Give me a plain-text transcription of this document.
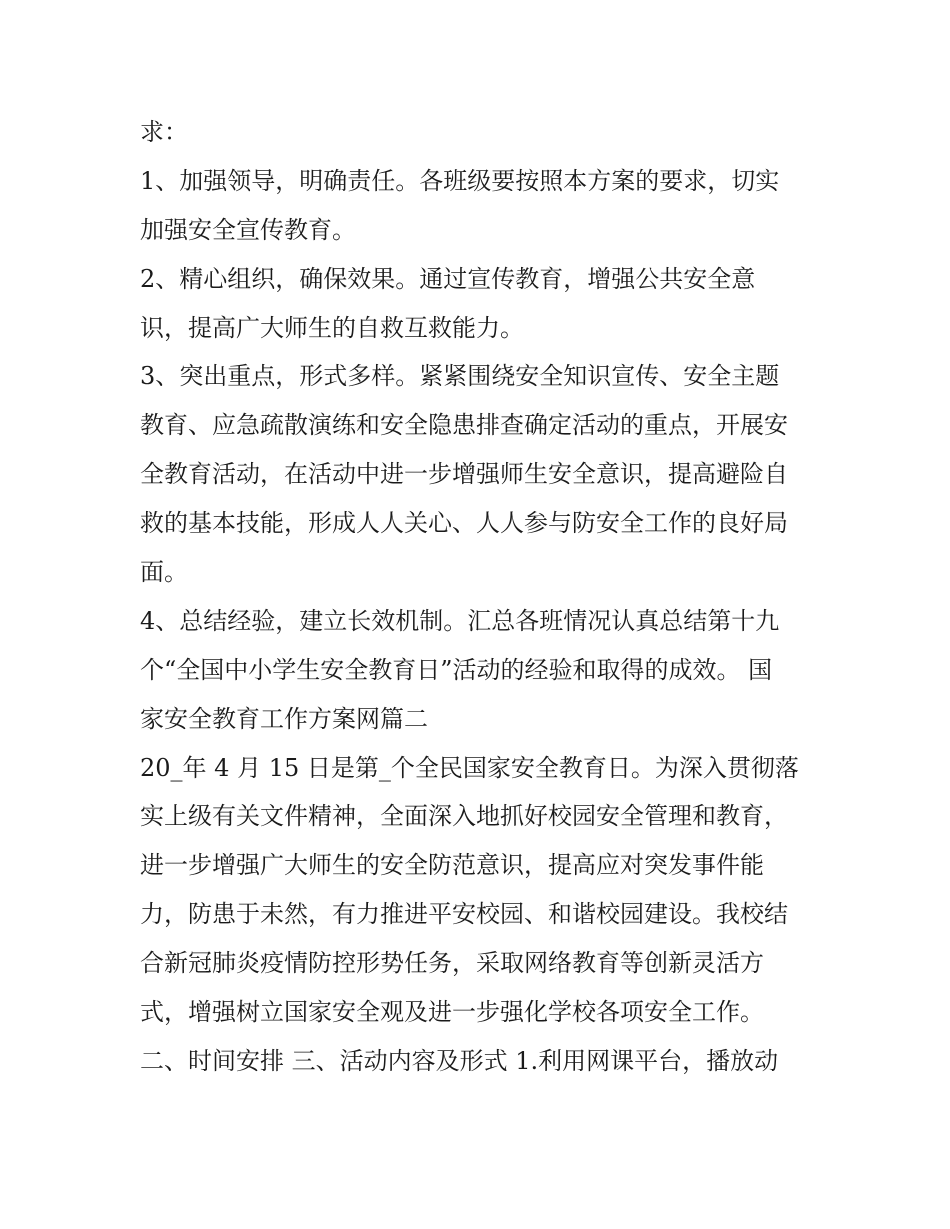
求：
1、加强领导，明确责任。各班级要按照本方案的要求，切实
加强安全宣传教育。
2、精心组织，确保效果。通过宣传教育，增强公共安全意
识，提高广大师生的自救互救能力。
3、突出重点，形式多样。紧紧围绕安全知识宣传、安全主题
教育、应急疏散演练和安全隐患排查确定活动的重点，开展安
全教育活动，在活动中进一步增强师生安全意识，提高避险自
救的基本技能，形成人人关心、人人参与防安全工作的良好局
面。
4、总结经验，建立长效机制。汇总各班情况认真总结第十九
个“全国中小学生安全教育日”活动的经验和取得的成效。 国
家安全教育工作方案网篇二
20_年 4 月 15 日是第_个全民国家安全教育日。为深入贯彻落
实上级有关文件精神，全面深入地抓好校园安全管理和教育，
进一步增强广大师生的安全防范意识，提高应对突发事件能
力，防患于未然，有力推进平安校园、和谐校园建设。我校结
合新冠肺炎疫情防控形势任务，采取网络教育等创新灵活方
式，增强树立国家安全观及进一步强化学校各项安全工作。
二、时间安排 三、活动内容及形式 1.利用网课平台，播放动
